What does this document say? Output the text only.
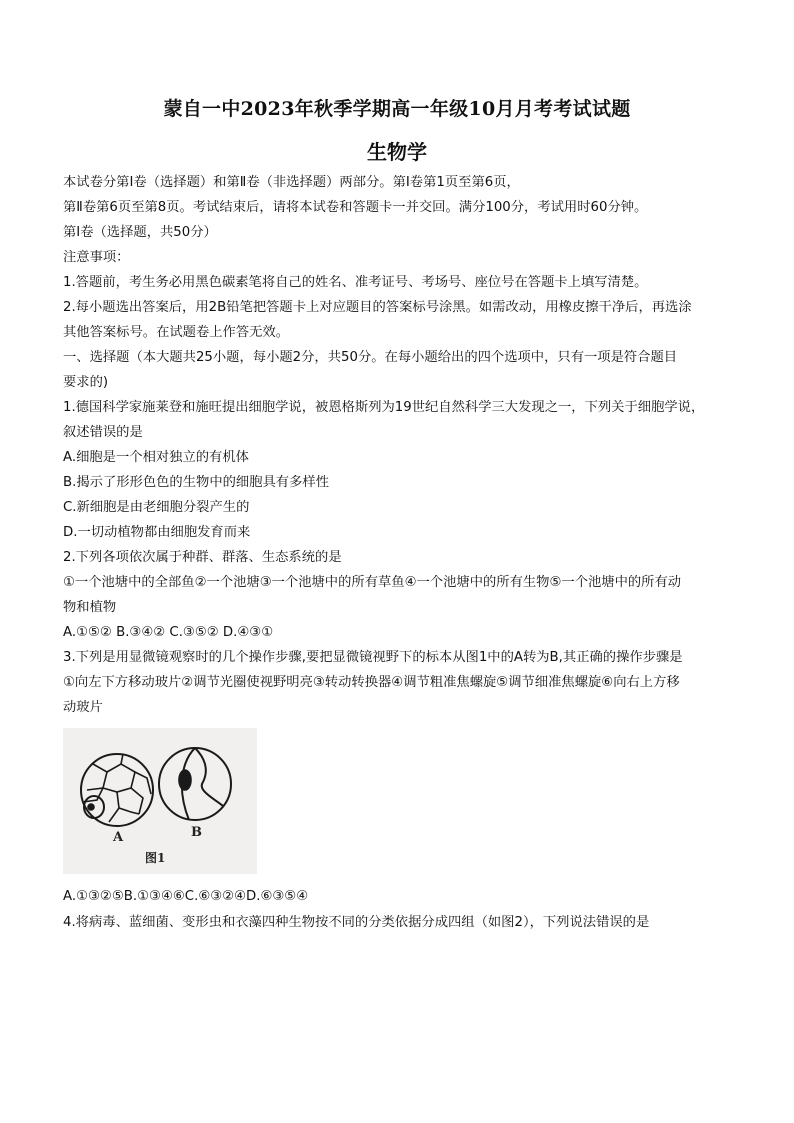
蒙自一中2023年秋季学期高一年级10月月考考试试题
生物学

本试卷分第Ⅰ卷（选择题）和第Ⅱ卷（非选择题）两部分。第Ⅰ卷第1页至第6页，

第Ⅱ卷第6页至第8页。考试结束后，请将本试卷和答题卡一并交回。满分100分，考试用时60分钟。

第Ⅰ卷（选择题，共50分）

注意事项：

1.答题前，考生务必用黑色碳素笔将自己的姓名、准考证号、考场号、座位号在答题卡上填写清楚。

2.每小题选出答案后，用2B铅笔把答题卡上对应题目的答案标号涂黑。如需改动，用橡皮擦干净后，再选涂

其他答案标号。在试题卷上作答无效。

一、选择题（本大题共25小题，每小题2分，共50分。在每小题给出的四个选项中，只有一项是符合题目

要求的)

1.德国科学家施莱登和施旺提出细胞学说，被恩格斯列为19世纪自然科学三大发现之一，下列关于细胞学说，

叙述错误的是

A.细胞是一个相对独立的有机体

B.揭示了形形色色的生物中的细胞具有多样性

C.新细胞是由老细胞分裂产生的

D.一切动植物都由细胞发育而来

2.下列各项依次属于种群、群落、生态系统的是

①一个池塘中的全部鱼②一个池塘③一个池塘中的所有草鱼④一个池塘中的所有生物⑤一个池塘中的所有动

物和植物

A.①⑤② B.③④② C.③⑤② D.④③①

3.下列是用显微镜观察时的几个操作步骤,要把显微镜视野下的标本从图1中的A转为B,其正确的操作步骤是

①向左下方移动玻片②调节光圈使视野明亮③转动转换器④调节粗准焦螺旋⑤调节细准焦螺旋⑥向右上方移

动玻片

A	B
图1

A.①③②⑤B.①③④⑥C.⑥③②④D.⑥③⑤④

4.将病毒、蓝细菌、变形虫和衣藻四种生物按不同的分类依据分成四组（如图2），下列说法错误的是
